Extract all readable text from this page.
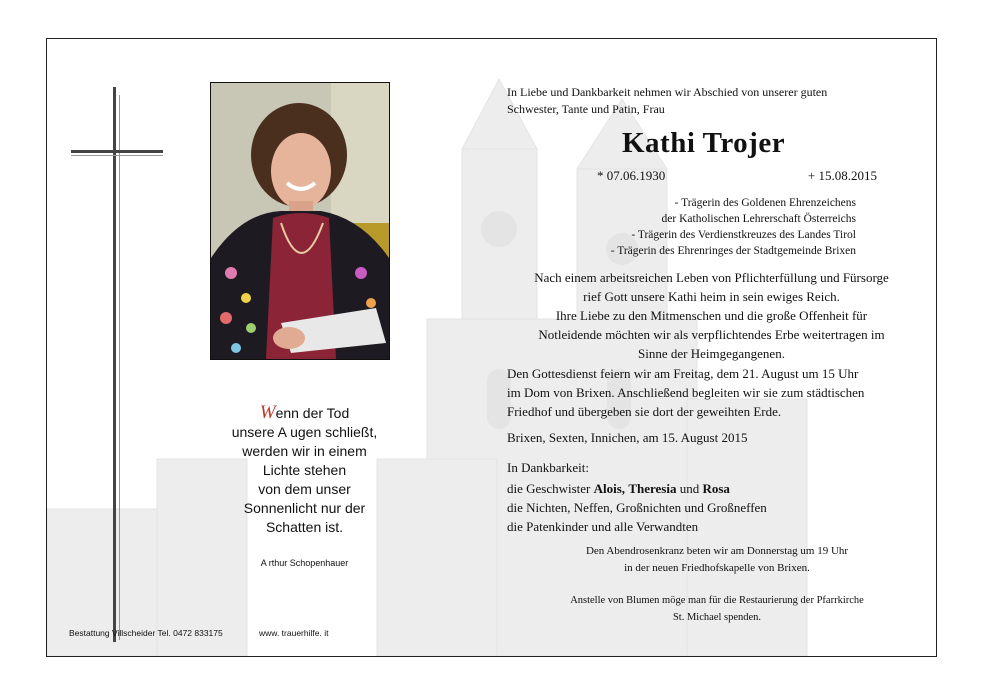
In Liebe und Dankbarkeit nehmen wir Abschied von unserer guten
Schwester, Tante und Patin, Frau
Kathi Trojer
* 07.06.1930	+ 15.08.2015
- Trägerin des Goldenen Ehrenzeichens
der Katholischen Lehrerschaft Österreichs
- Trägerin des Verdienstkreuzes des Landes Tirol
- Trägerin des Ehrenringes der Stadtgemeinde Brixen
Nach einem arbeitsreichen Leben von Pflichterfüllung und Fürsorge
rief Gott unsere Kathi heim in sein ewiges Reich.
Ihre Liebe zu den Mitmenschen und die große Offenheit für
Notleidende möchten wir als verpflichtendes Erbe weitertragen im
Sinne der Heimgegangenen.
Den Gottesdienst feiern wir am Freitag, dem 21. August um 15 Uhr
im Dom von Brixen. Anschließend begleiten wir sie zum städtischen
Friedhof und übergeben sie dort der geweihten Erde.
Brixen, Sexten, Innichen, am 15. August 2015
In Dankbarkeit:
die Geschwister Alois, Theresia und Rosa
die Nichten, Neffen, Großnichten und Großneffen
die Patenkinder und alle Verwandten
Den Abendrosenkranz beten wir am Donnerstag um 19 Uhr
in der neuen Friedhofskapelle von Brixen.
Anstelle von Blumen möge man für die Restaurierung der Pfarrkirche
St. Michael spenden.
Wenn der Tod
unsere A ugen schließt,
werden wir in einem
Lichte stehen
von dem unser
Sonnenlicht nur der
Schatten ist.
A rthur Schopenhauer
Bestattung Villscheider Tel. 0472 833175	www. trauerhilfe. it
